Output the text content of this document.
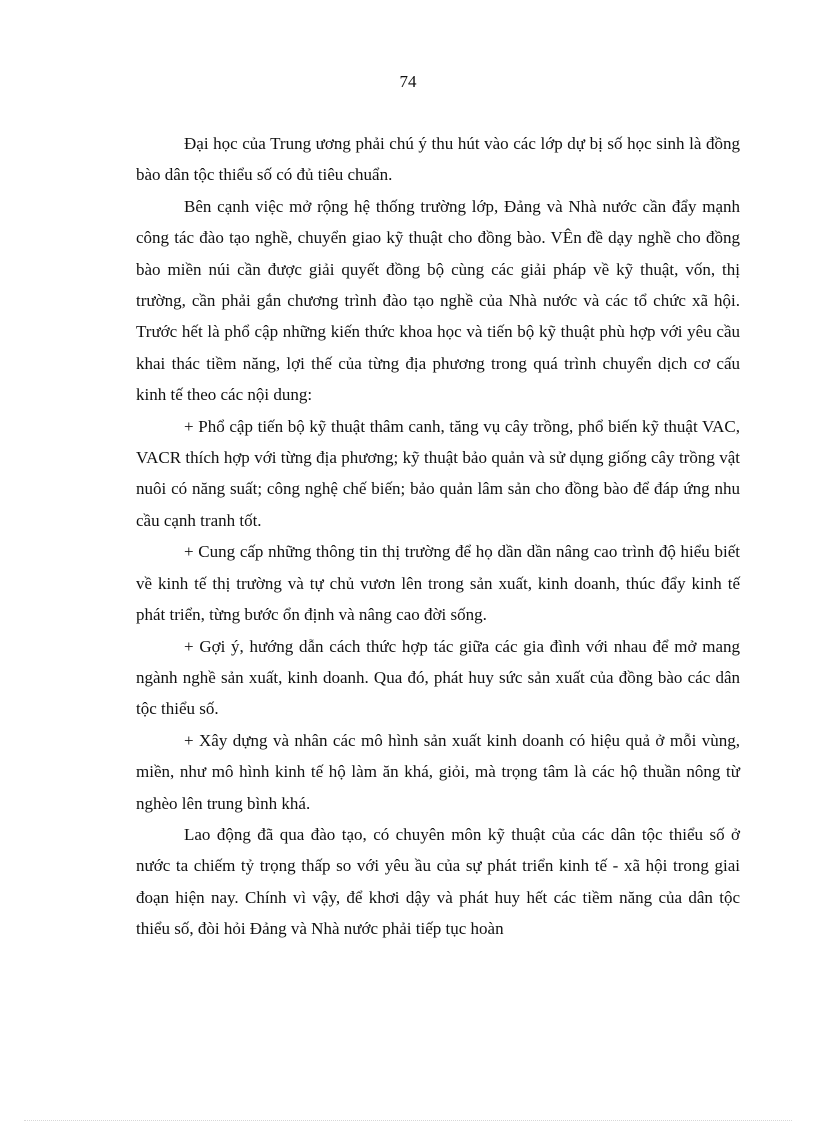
74

Đại học của Trung ương phải chú ý thu hút vào các lớp dự bị số học sinh là đồng bào dân tộc thiểu số có đủ tiêu chuẩn.

Bên cạnh việc mở rộng hệ thống trường lớp, Đảng và Nhà nước cần đẩy mạnh công tác đào tạo nghề, chuyển giao kỹ thuật cho đồng bào. VÊn đề dạy nghề cho đồng bào miền núi cần được giải quyết đồng bộ cùng các giải pháp về kỹ thuật, vốn, thị trường, cần phải gắn chương trình đào tạo nghề của Nhà nước và các tổ chức xã hội. Trước hết là phổ cập những kiến thức khoa học và tiến bộ kỹ thuật phù hợp với yêu cầu khai thác tiềm năng, lợi thế của từng địa phương trong quá trình chuyển dịch cơ cấu kinh tế theo các nội dung:

+ Phổ cập tiến bộ kỹ thuật thâm canh, tăng vụ cây trồng, phổ biến kỹ thuật VAC, VACR thích hợp với từng địa phương; kỹ thuật bảo quản và sử dụng giống cây trồng vật nuôi có năng suất; công nghệ chế biến; bảo quản lâm sản cho đồng bào để đáp ứng nhu cầu cạnh tranh tốt.

+ Cung cấp những thông tin thị trường để họ dần dần nâng cao trình độ hiểu biết về kinh tế thị trường và tự chủ vươn lên trong sản xuất, kinh doanh, thúc đẩy kinh tế phát triển, từng bước ổn định và nâng cao đời sống.

+ Gợi ý, hướng dẫn cách thức hợp tác giữa các gia đình với nhau để mở mang ngành nghề sản xuất, kinh doanh. Qua đó, phát huy sức sản xuất của đồng bào các dân tộc thiểu số.

+ Xây dựng và nhân các mô hình sản xuất kinh doanh có hiệu quả ở mỗi vùng, miền, như mô hình kinh tế hộ làm ăn khá, giỏi, mà trọng tâm là các hộ thuần nông từ nghèo lên trung bình khá.

Lao động đã qua đào tạo, có chuyên môn kỹ thuật của các dân tộc thiểu số ở nước ta chiếm tỷ trọng thấp so với yêu ầu của sự phát triển kinh tế - xã hội trong giai đoạn hiện nay. Chính vì vậy, để khơi dậy và phát huy hết các tiềm năng của dân tộc thiểu số, đòi hỏi Đảng và Nhà nước phải tiếp tục hoàn
